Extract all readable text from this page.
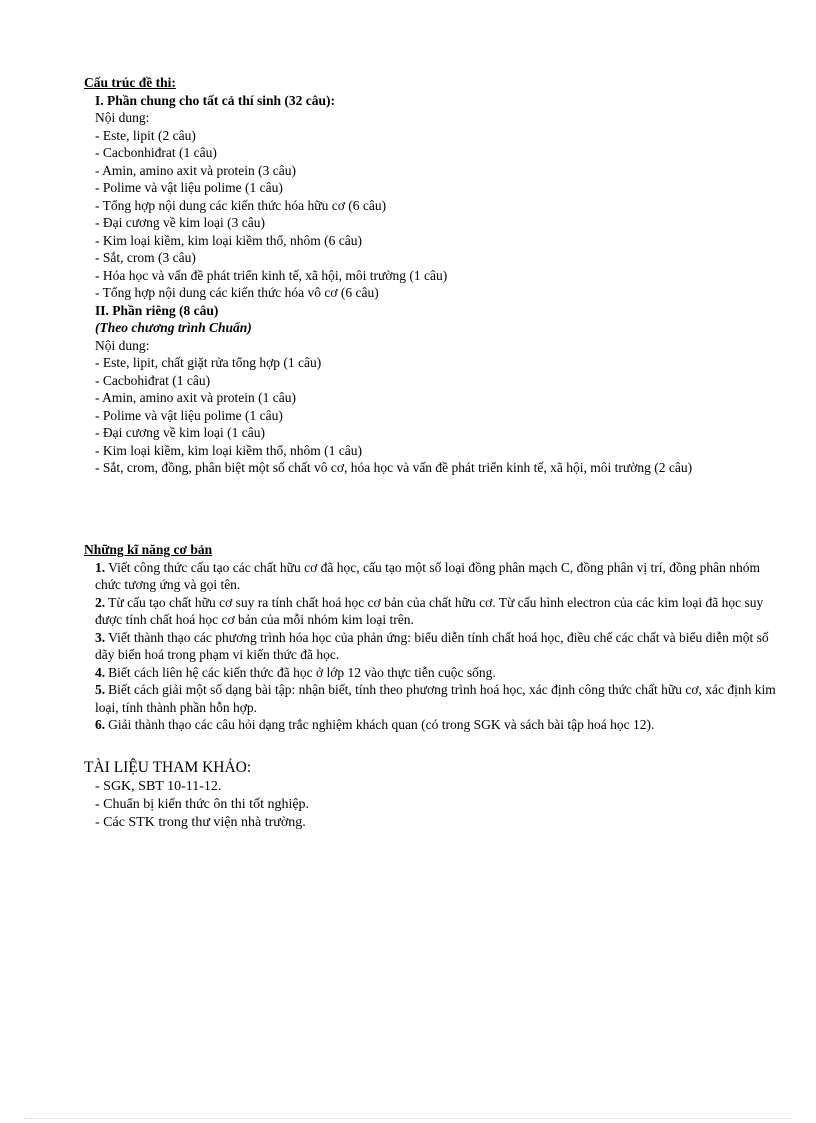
Cấu trúc đề thi:
I. Phần chung cho tất cả thí sinh (32 câu):
Nội dung:
- Este, lipit (2 câu)
- Cacbonhiđrat (1 câu)
- Amin, amino axit và protein (3 câu)
- Polime và vật liệu polime (1 câu)
- Tổng hợp nội dung các kiến thức hóa hữu cơ (6 câu)
- Đại cương về kim loại (3 câu)
- Kim loại kiềm, kim loại kiềm thổ, nhôm (6 câu)
- Sắt, crom (3 câu)
- Hóa học và vấn đề phát triển kinh tế, xã hội, môi trường (1 câu)
- Tổng hợp nội dung các kiến thức hóa vô cơ (6 câu)
II. Phần riêng (8 câu)
(Theo chương trình Chuẩn)
Nội dung:
- Este, lipit, chất giặt rửa tổng hợp (1 câu)
- Cacbohiđrat (1 câu)
- Amin, amino axit và protein (1 câu)
- Polime và vật liệu polime (1 câu)
- Đại cương về kim loại (1 câu)
- Kim loại kiềm, kim loại kiềm thổ, nhôm (1 câu)
- Sắt, crom, đồng, phân biệt một số chất vô cơ, hóa học và vấn đề phát triển kinh tế, xã hội, môi trường (2 câu)
Những kĩ năng cơ bản
1. Viết công thức cấu tạo các chất hữu cơ đã học, cấu tạo một số loại đồng phân mạch C, đồng phân vị trí, đồng phân nhóm chức tương ứng và gọi tên.
2. Từ cấu tạo chất hữu cơ suy ra tính chất hoá học cơ bản của chất hữu cơ. Từ cấu hình electron của các kim loại đã học suy được tính chất hoá học cơ bản của mỗi nhóm kim loại trên.
3. Viết thành thạo các phương trình hóa học của phản ứng: biểu diễn tính chất hoá học, điều chế các chất và biểu diễn một số dãy biến hoá trong phạm vi kiến thức đã học.
4. Biết cách liên hệ các kiến thức đã học ở lớp 12 vào thực tiễn cuộc sống.
5. Biết cách giải một số dạng bài tập: nhận biết, tính theo phương trình hoá học, xác định công thức chất hữu cơ, xác định kim loại, tính thành phần hỗn hợp.
6. Giải thành thạo các câu hỏi dạng trắc nghiệm khách quan (có trong SGK và sách bài tập hoá học 12).
TÀI LIỆU THAM KHẢO:
- SGK, SBT 10-11-12.
- Chuẩn bị kiến thức ôn thi tốt nghiệp.
- Các STK trong thư viện nhà trường.
